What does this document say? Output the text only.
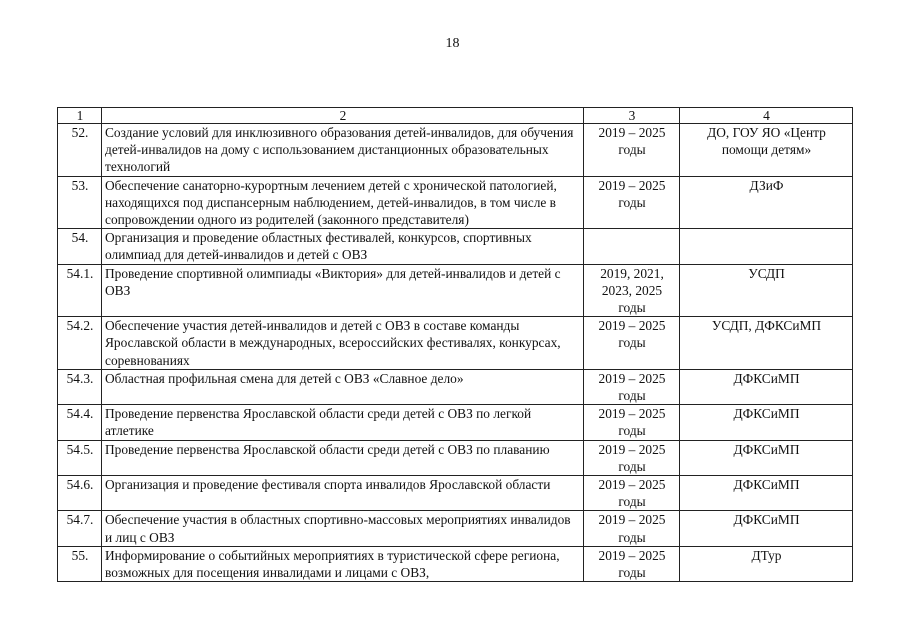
18
1	2	3	4
52.	Создание условий для инклюзивного образования детей-инвалидов, для обучения детей-инвалидов на дому с использованием дистанционных образовательных технологий	2019 – 2025 годы	ДО, ГОУ ЯО «Центр помощи детям»
53.	Обеспечение санаторно-курортным лечением детей с хронической патологией, находящихся под диспансерным наблюдением, детей-инвалидов, в том числе в сопровождении одного из родителей (законного представителя)	2019 – 2025 годы	ДЗиФ
54.	Организация и проведение областных фестивалей, конкурсов, спортивных олимпиад для детей-инвалидов и детей с ОВЗ		
54.1.	Проведение спортивной олимпиады «Виктория» для детей-инвалидов и детей с ОВЗ	2019, 2021, 2023, 2025 годы	УСДП
54.2.	Обеспечение участия детей-инвалидов и детей с ОВЗ в составе команды Ярославской области в международных, всероссийских фестивалях, конкурсах, соревнованиях	2019 – 2025 годы	УСДП, ДФКСиМП
54.3.	Областная профильная смена для детей с ОВЗ «Славное дело»	2019 – 2025 годы	ДФКСиМП
54.4.	Проведение первенства Ярославской области среди детей с ОВЗ по легкой атлетике	2019 – 2025 годы	ДФКСиМП
54.5.	Проведение первенства Ярославской области среди детей с ОВЗ по плаванию	2019 – 2025 годы	ДФКСиМП
54.6.	Организация и проведение фестиваля спорта инвалидов Ярославской области	2019 – 2025 годы	ДФКСиМП
54.7.	Обеспечение участия в областных спортивно-массовых мероприятиях инвалидов и лиц с ОВЗ	2019 – 2025 годы	ДФКСиМП
55.	Информирование о событийных мероприятиях в туристической сфере региона, возможных для посещения инвалидами и лицами с ОВЗ,	2019 – 2025 годы	ДТур
